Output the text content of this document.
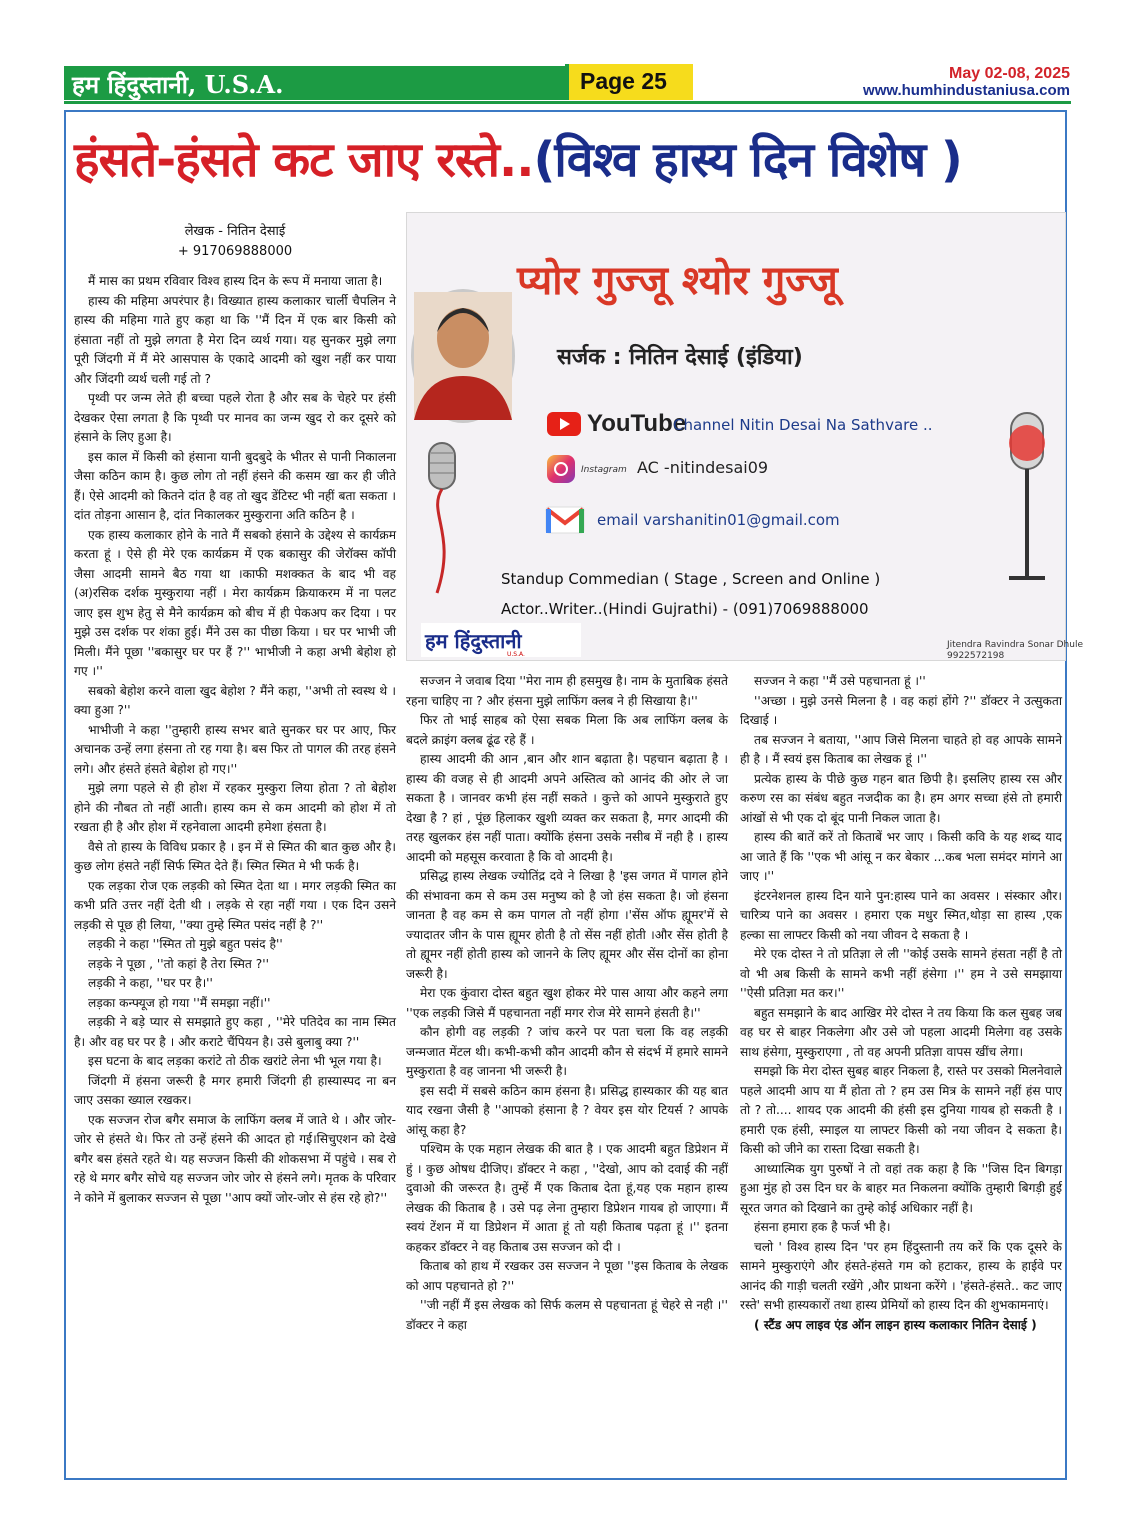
हम हिंदुस्तानी, U.S.A.	Page 25	May 02-08, 2025
www.humhindustaniusa.com
हंसते-हंसते कट जाए रस्ते..(विश्व हास्य दिन विशेष )
लेखक - नितिन देसाई
+ 917069888000
प्योर गुज्जू श्योर गुज्जू
सर्जक : नितिन देसाई (इंडिया)
YouTube
Channel Nitin Desai Na Sathvare ..
Instagram AC -nitindesai09
email varshanitin01@gmail.com
Standup Commedian ( Stage , Screen and Online )
Actor..Writer..(Hindi Gujrathi) - (091)7069888000
हम हिंदुस्तानी
U.S.A.
Jitendra Ravindra Sonar Dhule
9922572198

मैं मास का प्रथम रविवार विश्व हास्य दिन के रूप में मनाया जाता है।

हास्य की महिमा अपरंपार है। विख्यात हास्य कलाकार चार्ली चैपलिन ने हास्य की महिमा गाते हुए कहा था कि ''मैं दिन में एक बार किसी को हंसाता नहीं तो मुझे लगता है मेरा दिन व्यर्थ गया। यह सुनकर मुझे लगा पूरी जिंदगी में मैं मेरे आसपास के एकादे आदमी को खुश नहीं कर पाया और जिंदगी व्यर्थ चली गई तो ?

पृथ्वी पर जन्म लेते ही बच्चा पहले रोता है और सब के चेहरे पर हंसी देखकर ऐसा लगता है कि पृथ्वी पर मानव का जन्म खुद रो कर दूसरे को हंसाने के लिए हुआ है।

इस काल में किसी को हंसाना यानी बुदबुदे के भीतर से पानी निकालना जैसा कठिन काम है। कुछ लोग तो नहीं हंसने की कसम खा कर ही जीते हैं। ऐसे आदमी को कितने दांत है वह तो खुद डेंटिस्ट भी नहीं बता सकता । दांत तोड़ना आसान है, दांत निकालकर मुस्कुराना अति कठिन है ।

एक हास्य कलाकार होने के नाते मैं सबको हंसाने के उद्देश्य से कार्यक्रम करता हूं । ऐसे ही मेरे एक कार्यक्रम में एक बकासुर की जेरॉक्स कॉपी जैसा आदमी सामने बैठ गया था ।काफी मशक्कत के बाद भी वह (अ)रसिक दर्शक मुस्कुराया नहीं । मेरा कार्यक्रम क्रियाकरम में ना पलट जाए इस शुभ हेतु से मैने कार्यक्रम को बीच में ही पेकअप कर दिया । पर मुझे उस दर्शक पर शंका हुई। मैंने उस का पीछा किया । घर पर भाभी जी मिली। मैंने पूछा ''बकासुर घर पर हैं ?'' भाभीजी ने कहा अभी बेहोश हो गए ।''

सबको बेहोश करने वाला खुद बेहोश ? मैंने कहा, ''अभी तो स्वस्थ थे । क्या हुआ ?''

भाभीजी ने कहा ''तुम्हारी हास्य सभर बाते सुनकर घर पर आए, फिर अचानक उन्हें लगा हंसना तो रह गया है। बस फिर तो पागल की तरह हंसने लगे। और हंसते हंसते बेहोश हो गए।''

मुझे लगा पहले से ही होश में रहकर मुस्कुरा लिया होता ? तो बेहोश होने की नौबत तो नहीं आती। हास्य कम से कम आदमी को होश में तो रखता ही है और होश में रहनेवाला आदमी हमेशा हंसता है।

वैसे तो हास्य के विविध प्रकार है । इन में से स्मित की बात कुछ और है। कुछ लोग हंसते नहीं सिर्फ स्मित देते हैं। स्मित स्मित मे भी फर्क है।

एक लड़का रोज एक लड़की को स्मित देता था । मगर लड़की स्मित का कभी प्रति उत्तर नहीं देती थी । लड़के से रहा नहीं गया । एक दिन उसने लड़की से पूछ ही लिया, ''क्या तुम्हे स्मित पसंद नहीं है ?''

लड़की ने कहा ''स्मित तो मुझे बहुत पसंद है''

लड़के ने पूछा , ''तो कहां है तेरा स्मित ?''

लड़की ने कहा, ''घर पर है।''

लड़का कन्फ्यूज हो गया ''मैं समझा नहीं।''

लड़की ने बड़े प्यार से समझाते हुए कहा , ''मेरे पतिदेव का नाम स्मित है। और वह घर पर है । और कराटे चैंपियन है। उसे बुलाबु क्या ?''

इस घटना के बाद लड़का करांटे तो ठीक खरांटे लेना भी भूल गया है।

जिंदगी में हंसना जरूरी है मगर हमारी जिंदगी ही हास्यास्पद ना बन जाए उसका ख्याल रखकर।

एक सज्जन रोज बगैर समाज के लाफिंग क्लब में जाते थे । और जोर-जोर से हंसते थे। फिर तो उन्हें हंसने की आदत हो गई।सिचुएशन को देखे बगैर बस हंसते रहते थे। यह सज्जन किसी की शोकसभा में पहुंचे । सब रो रहे थे मगर बगैर सोचे यह सज्जन जोर जोर से हंसने लगे। मृतक के परिवार ने कोने में बुलाकर सज्जन से पूछा ''आप क्यों जोर-जोर से हंस रहे हो?''

सज्जन ने जवाब दिया ''मेरा नाम ही हसमुख है। नाम के मुताबिक हंसते रहना चाहिए ना ? और हंसना मुझे लाफिंग क्लब ने ही सिखाया है।''

फिर तो भाई साहब को ऐसा सबक मिला कि अब लाफिंग क्लब के बदले क्राइंग क्लब ढूंढ रहे हैं ।

हास्य आदमी की आन ,बान और शान बढ़ाता है। पहचान बढ़ाता है । हास्य की वजह से ही आदमी अपने अस्तित्व को आनंद की ओर ले जा सकता है । जानवर कभी हंस नहीं सकते । कुत्ते को आपने मुस्कुराते हुए देखा है ? हां , पूंछ हिलाकर खुशी व्यक्त कर सकता है, मगर आदमी की तरह खुलकर हंस नहीं पाता। क्योंकि हंसना उसके नसीब में नही है । हास्य आदमी को महसूस करवाता है कि वो आदमी है।

प्रसिद्ध हास्य लेखक ज्योतिंद्र दवे ने लिखा है 'इस जगत में पागल होने की संभावना कम से कम उस मनुष्य को है जो हंस सकता है। जो हंसना जानता है वह कम से कम पागल तो नहीं होगा ।'सेंस ऑफ ह्यूमर'में से ज्यादातर जीन के पास ह्यूमर होती है तो सेंस नहीं होती ।और सेंस होती है तो ह्यूमर नहीं होती हास्य को जानने के लिए ह्यूमर और सेंस दोनों का होना जरूरी है।

मेरा एक कुंवारा दोस्त बहुत खुश होकर मेरे पास आया और कहने लगा ''एक लड़की जिसे मैं पहचानता नहीं मगर रोज मेरे सामने हंसती है।''

कौन होगी वह लड़की ? जांच करने पर पता चला कि वह लड़की जन्मजात मेंटल थी। कभी-कभी कौन आदमी कौन से संदर्भ में हमारे सामने मुस्कुराता है वह जानना भी जरूरी है।

इस सदी में सबसे कठिन काम हंसना है। प्रसिद्ध हास्यकार की यह बात याद रखना जैसी है ''आपको हंसाना है ? वेयर इस योर टियर्स ? आपके आंसू कहा है?

पश्चिम के एक महान लेखक की बात है । एक आदमी बहुत डिप्रेशन में हुं । कुछ ओषध दीजिए। डॉक्टर ने कहा , ''देखो, आप को दवाई की नहीं दुवाओ की जरूरत है। तुम्हें मैं एक किताब देता हूं,यह एक महान हास्य लेखक की किताब है । उसे पढ़ लेना तुम्हारा डिप्रेशन गायब हो जाएगा। मैं स्वयं टेंशन में या डिप्रेशन में आता हूं तो यही किताब पढ़ता हूं ।'' इतना कहकर डॉक्टर ने वह किताब उस सज्जन को दी ।

किताब को हाथ में रखकर उस सज्जन ने पूछा ''इस किताब के लेखक को आप पहचानते हो ?''

''जी नहीं मैं इस लेखक को सिर्फ कलम से पहचानता हूं चेहरे से नही ।'' डॉक्टर ने कहा

सज्जन ने कहा ''मैं उसे पहचानता हूं ।''

''अच्छा । मुझे उनसे मिलना है । वह कहां होंगे ?'' डॉक्टर ने उत्सुकता दिखाई ।

तब सज्जन ने बताया, ''आप जिसे मिलना चाहते हो वह आपके सामने ही है । मैं स्वयं इस किताब का लेखक हूं ।''

प्रत्येक हास्य के पीछे कुछ गहन बात छिपी है। इसलिए हास्य रस और करुण रस का संबंध बहुत नजदीक का है। हम अगर सच्चा हंसे तो हमारी आंखों से भी एक दो बूंद पानी निकल जाता है।

हास्य की बातें करें तो किताबें भर जाए । किसी कवि के यह शब्द याद आ जाते हैं कि ''एक भी आंसू न कर बेकार ...कब भला समंदर मांगने आ जाए ।''

इंटरनेशनल हास्य दिन याने पुन:हास्य पाने का अवसर । संस्कार और। चारित्र्य पाने का अवसर । हमारा एक मधुर स्मित,थोड़ा सा हास्य ,एक हल्का सा लाफ्टर किसी को नया जीवन दे सकता है ।

मेरे एक दोस्त ने तो प्रतिज्ञा ले ली ''कोई उसके सामने हंसता नहीं है तो वो भी अब किसी के सामने कभी नहीं हंसेगा ।'' हम ने उसे समझाया ''ऐसी प्रतिज्ञा मत कर।''

बहुत समझाने के बाद आखिर मेरे दोस्त ने तय किया कि कल सुबह जब वह घर से बाहर निकलेगा और उसे जो पहला आदमी मिलेगा वह उसके साथ हंसेगा, मुस्कुराएगा , तो वह अपनी प्रतिज्ञा वापस खींच लेगा।

समझो कि मेरा दोस्त सुबह बाहर निकला है, रास्ते पर उसको मिलनेवाले पहले आदमी आप या मैं होता तो ? हम उस मित्र के सामने नहीं हंस पाए तो ? तो.... शायद एक आदमी की हंसी इस दुनिया गायब हो सकती है । हमारी एक हंसी, स्माइल या लाफ्टर किसी को नया जीवन दे सकता है। किसी को जीने का रास्ता दिखा सकती है।

आध्यात्मिक युग पुरुषों ने तो वहां तक कहा है कि ''जिस दिन बिगड़ा हुआ मुंह हो उस दिन घर के बाहर मत निकलना क्योंकि तुम्हारी बिगड़ी हुई सूरत जगत को दिखाने का तुम्हे कोई अधिकार नहीं है।

हंसना हमारा हक है फर्ज भी है।

चलो ' विश्व हास्य दिन 'पर हम हिंदुस्तानी तय करें कि एक दूसरे के सामने मुस्कुराएंगे और हंसते-हंसते गम को हटाकर, हास्य के हाईवे पर आनंद की गाड़ी चलती रखेंगे ,और प्राथना करेंगे । 'हंसते-हंसते.. कट जाए रस्ते' सभी हास्यकारों तथा हास्य प्रेमियों को हास्य दिन की शुभकामनाएं।

( स्टैंड अप लाइव एंड ऑन लाइन हास्य कलाकार नितिन देसाई )
